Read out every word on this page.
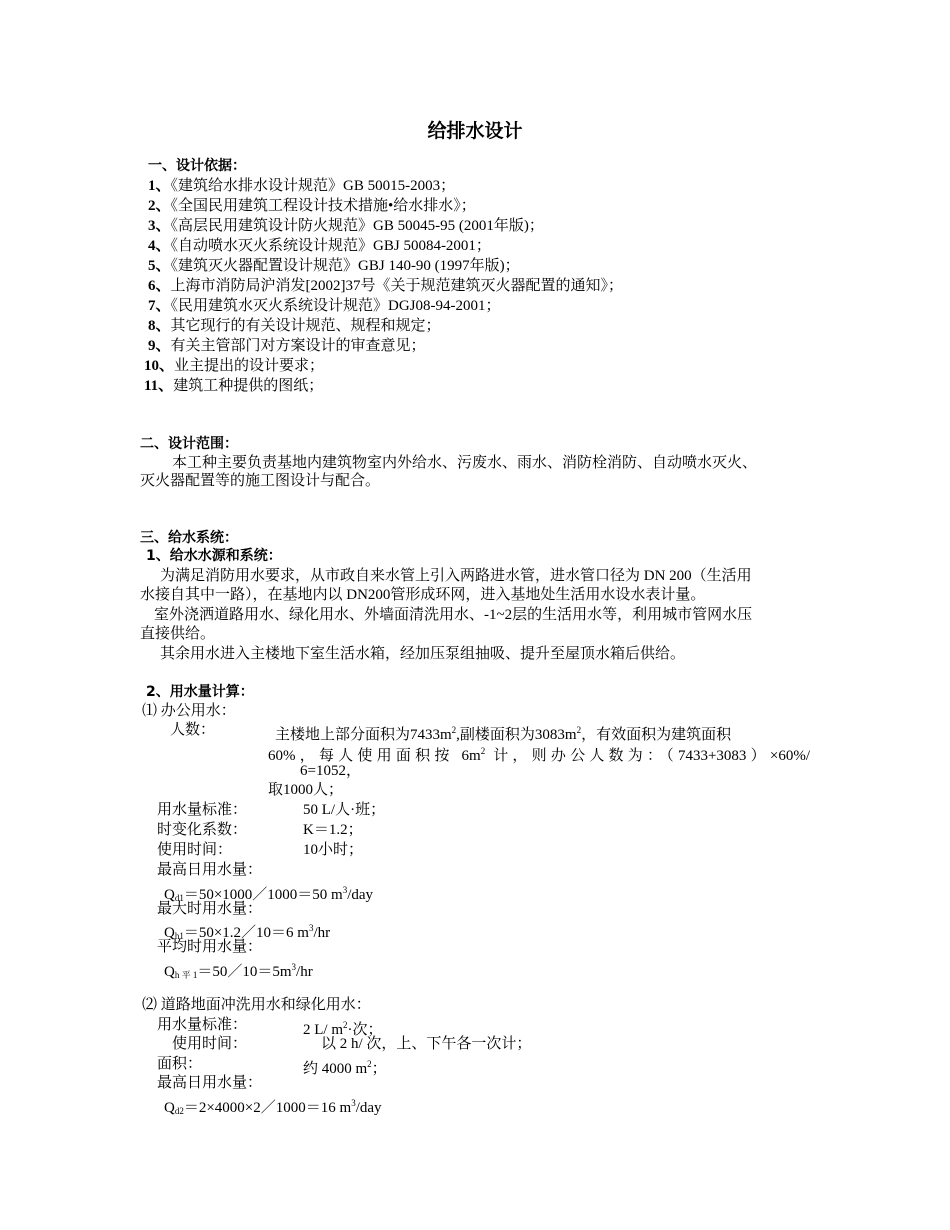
给排水设计
一、设计依据：
1、《建筑给水排水设计规范》GB 50015-2003；
2、《全国民用建筑工程设计技术措施•给水排水》；
3、《高层民用建筑设计防火规范》GB 50045-95 (2001年版)；
4、《自动喷水灭火系统设计规范》GBJ 50084-2001；
5、《建筑灭火器配置设计规范》GBJ 140-90 (1997年版)；
6、上海市消防局沪消发[2002]37号《关于规范建筑灭火器配置的通知》；
7、《民用建筑水灭火系统设计规范》DGJ08-94-2001；
8、其它现行的有关设计规范、规程和规定；
9、有关主管部门对方案设计的审查意见；
10、业主提出的设计要求；
11、建筑工种提供的图纸；
二、设计范围：
本工种主要负责基地内建筑物室内外给水、污废水、雨水、消防栓消防、自动喷水灭火、
灭火器配置等的施工图设计与配合。
三、给水系统：
1、给水水源和系统：
为满足消防用水要求，从市政自来水管上引入两路进水管，进水管口径为 DN 200（生活用
水接自其中一路），在基地内以 DN200管形成环网，进入基地处生活用水设水表计量。
室外浇洒道路用水、绿化用水、外墙面清洗用水、-1~2层的生活用水等，利用城市管网水压
直接供给。
其余用水进入主楼地下室生活水箱，经加压泵组抽吸、提升至屋顶水箱后供给。
2、用水量计算：
⑴ 办公用水：
人数：	主楼地上部分面积为$7433m^2$,副楼面积为$3083m^2$，有效面积为建筑面积
60%，每人使用面积按 $6m^2$ 计，则办公人数为：（7433+3083）×60%/
6=1052，
取1000人；
用水量标准：	50 L/人·班；
时变化系数：	K＝1.2；
使用时间：	10小时；
最高日用水量：
$Q_{d1}=50\times 1000/1000=50$ $m^3$/day
最大时用水量：
$Q_{h1}=50\times 1.2/10=6$ $m^3/hr$
平均时用水量：
$Q_{h 平 1}=50/10=5m^3/hr$
⑵ 道路地面冲洗用水和绿化用水：
用水量标准：	2 L/ $m^2\cdot$次；
使用时间：	以 2 h/ 次，上、下午各一次计；
面积：	约 4000 $m^2$；
最高日用水量：
$Q_{d2}=2\times 4000\times 2/1000=16$ $m^3$/day
